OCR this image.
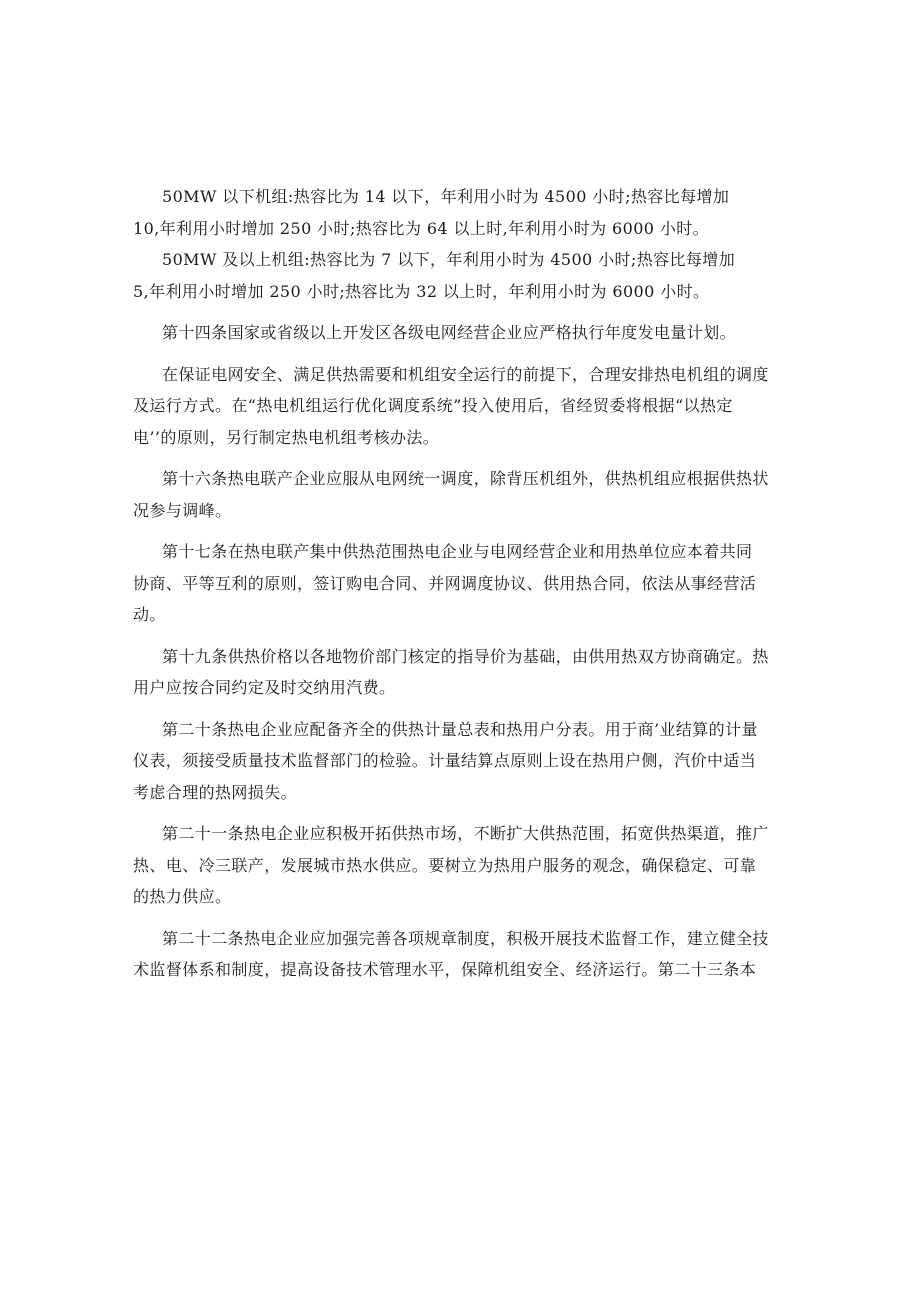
50MW 以下机组:热容比为 14 以下，年利用小时为 4500 小时;热容比每增加
10,年利用小时增加 250 小时;热容比为 64 以上时,年利用小时为 6000 小时。

50MW 及以上机组:热容比为 7 以下，年利用小时为 4500 小时;热容比每增加
5,年利用小时增加 250 小时;热容比为 32 以上时，年利用小时为 6000 小时。

第十四条国家或省级以上开发区各级电网经营企业应严格执行年度发电量计划。

在保证电网安全、满足供热需要和机组安全运行的前提下，合理安排热电机组的调度
及运行方式。在“热电机组运行优化调度系统”投入使用后，省经贸委将根据“以热定
电’’的原则，另行制定热电机组考核办法。

第十六条热电联产企业应服从电网统一调度，除背压机组外，供热机组应根据供热状
况参与调峰。

第十七条在热电联产集中供热范围热电企业与电网经营企业和用热单位应本着共同
协商、平等互利的原则，签订购电合同、并网调度协议、供用热合同，依法从事经营活
动。

第十九条供热价格以各地物价部门核定的指导价为基础，由供用热双方协商确定。热
用户应按合同约定及时交纳用汽费。

第二十条热电企业应配备齐全的供热计量总表和热用户分表。用于商’业结算的计量
仪表，须接受质量技术监督部门的检验。计量结算点原则上设在热用户侧，汽价中适当
考虑合理的热网损失。

第二十一条热电企业应积极开拓供热市场，不断扩大供热范围，拓宽供热渠道，推广
热、电、冷三联产，发展城市热水供应。要树立为热用户服务的观念，确保稳定、可靠
的热力供应。

第二十二条热电企业应加强完善各项规章制度，积极开展技术监督工作，建立健全技
术监督体系和制度，提高设备技术管理水平，保障机组安全、经济运行。第二十三条本
